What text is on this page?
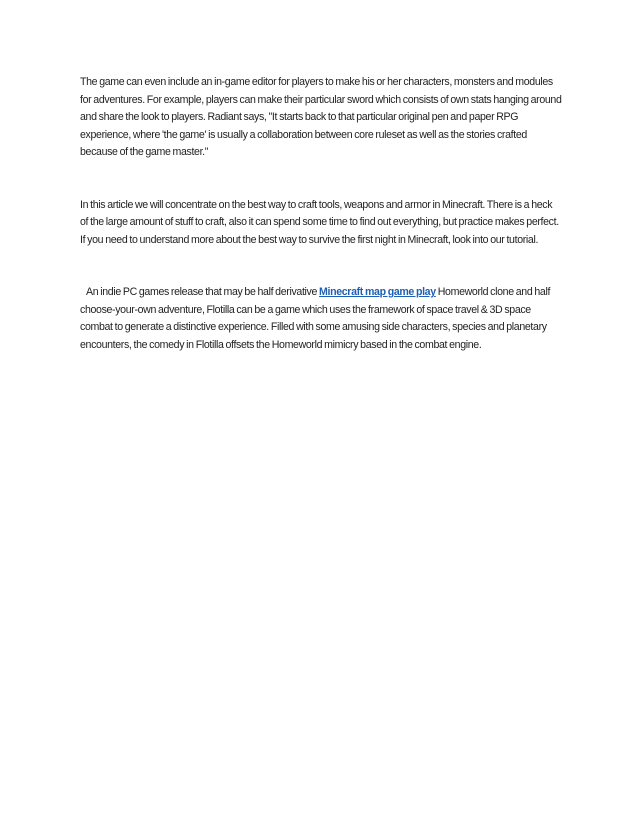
The game can even include an in-game editor for players to make his or her characters, monsters and modules for adventures. For example, players can make their particular sword which consists of own stats hanging around and share the look to players. Radiant says, "It starts back to that particular original pen and paper RPG experience, where 'the game' is usually a collaboration between core ruleset as well as the stories crafted because of the game master."

In this article we will concentrate on the best way to craft tools, weapons and armor in Minecraft. There is a heck of the large amount of stuff to craft, also it can spend some time to find out everything, but practice makes perfect. If you need to understand more about the best way to survive the first night in Minecraft, look into our tutorial.

An indie PC games release that may be half derivative Minecraft map game play Homeworld clone and half choose-your-own adventure, Flotilla can be a game which uses the framework of space travel & 3D space combat to generate a distinctive experience. Filled with some amusing side characters, species and planetary encounters, the comedy in Flotilla offsets the Homeworld mimicry based in the combat engine.
